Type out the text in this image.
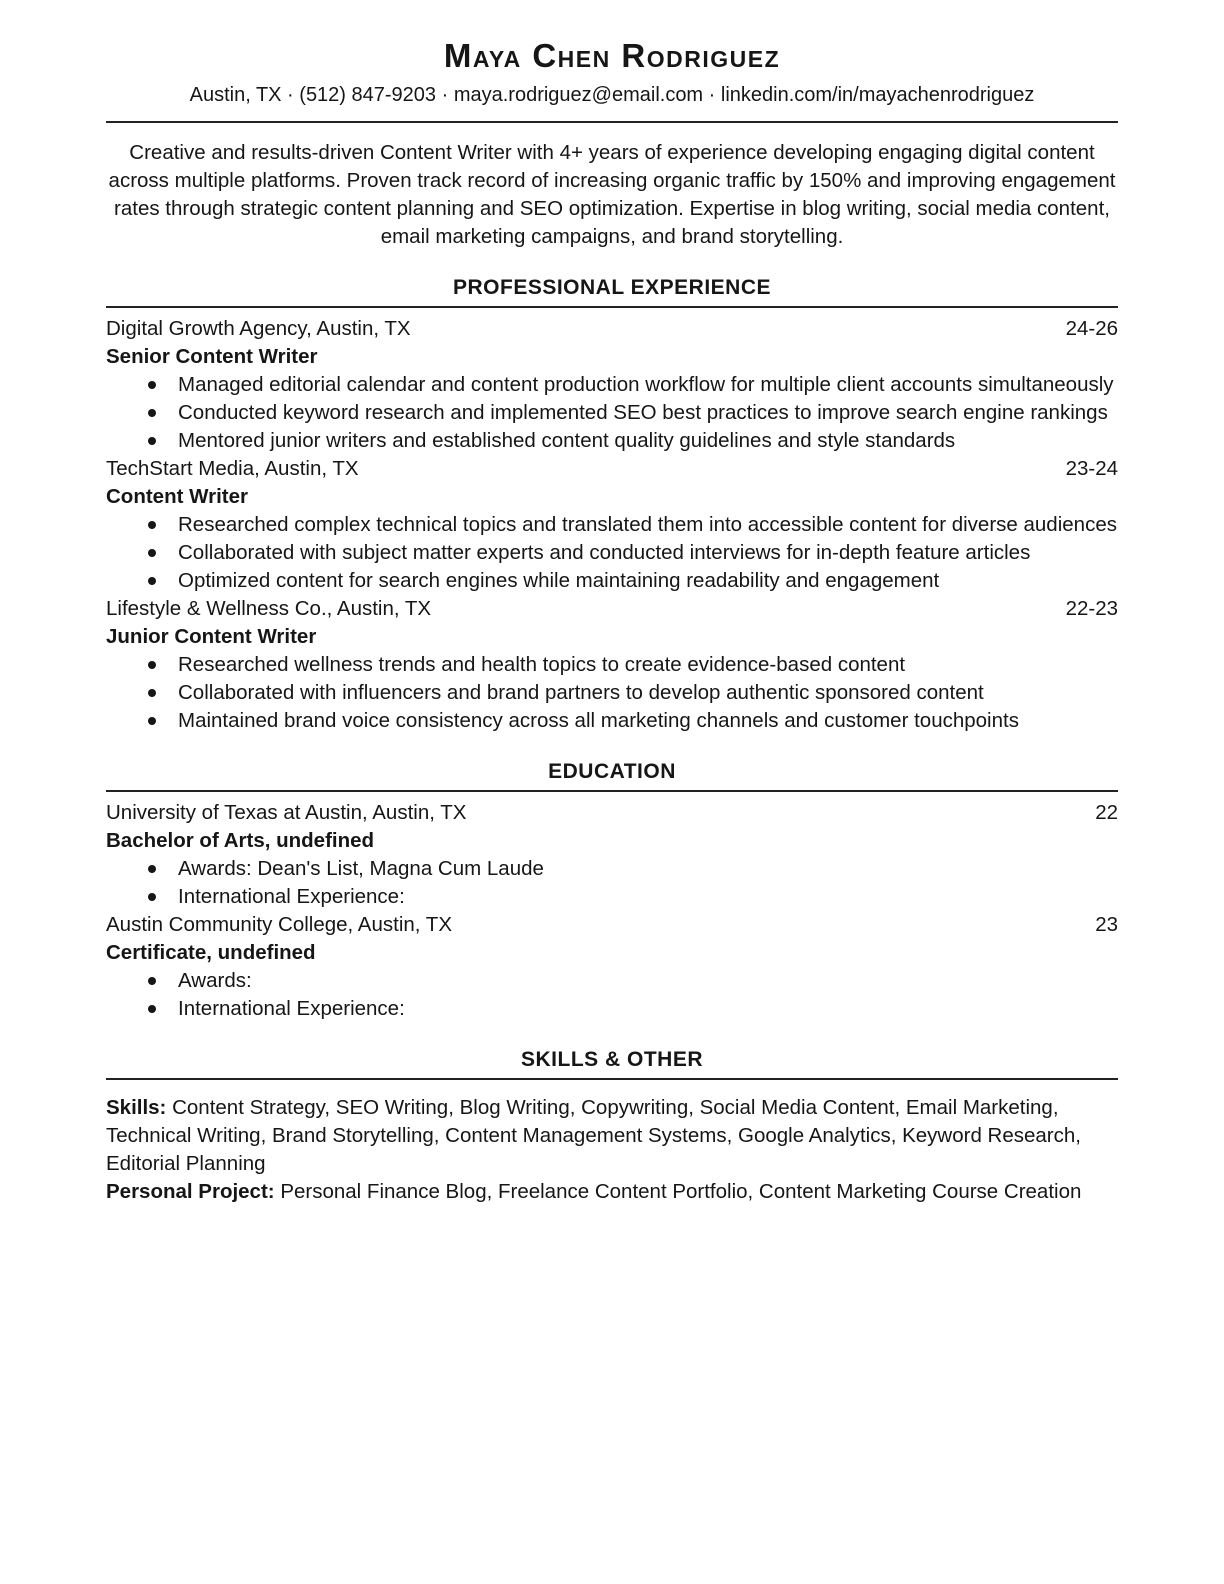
Maya Chen Rodriguez
Austin, TX · (512) 847-9203 · maya.rodriguez@email.com · linkedin.com/in/mayachenrodriguez

Creative and results-driven Content Writer with 4+ years of experience developing engaging digital content across multiple platforms. Proven track record of increasing organic traffic by 150% and improving engagement rates through strategic content planning and SEO optimization. Expertise in blog writing, social media content, email marketing campaigns, and brand storytelling.

PROFESSIONAL EXPERIENCE
Digital Growth Agency, Austin, TX	24-26
Senior Content Writer
Managed editorial calendar and content production workflow for multiple client accounts simultaneously
Conducted keyword research and implemented SEO best practices to improve search engine rankings
Mentored junior writers and established content quality guidelines and style standards
TechStart Media, Austin, TX	23-24
Content Writer
Researched complex technical topics and translated them into accessible content for diverse audiences
Collaborated with subject matter experts and conducted interviews for in-depth feature articles
Optimized content for search engines while maintaining readability and engagement
Lifestyle & Wellness Co., Austin, TX	22-23
Junior Content Writer
Researched wellness trends and health topics to create evidence-based content
Collaborated with influencers and brand partners to develop authentic sponsored content
Maintained brand voice consistency across all marketing channels and customer touchpoints
EDUCATION
University of Texas at Austin, Austin, TX	22
Bachelor of Arts, undefined
Awards: Dean's List, Magna Cum Laude
International Experience:
Austin Community College, Austin, TX	23
Certificate, undefined
Awards:
International Experience:
SKILLS & OTHER

Skills: Content Strategy, SEO Writing, Blog Writing, Copywriting, Social Media Content, Email Marketing, Technical Writing, Brand Storytelling, Content Management Systems, Google Analytics, Keyword Research, Editorial Planning

Personal Project: Personal Finance Blog, Freelance Content Portfolio, Content Marketing Course Creation
